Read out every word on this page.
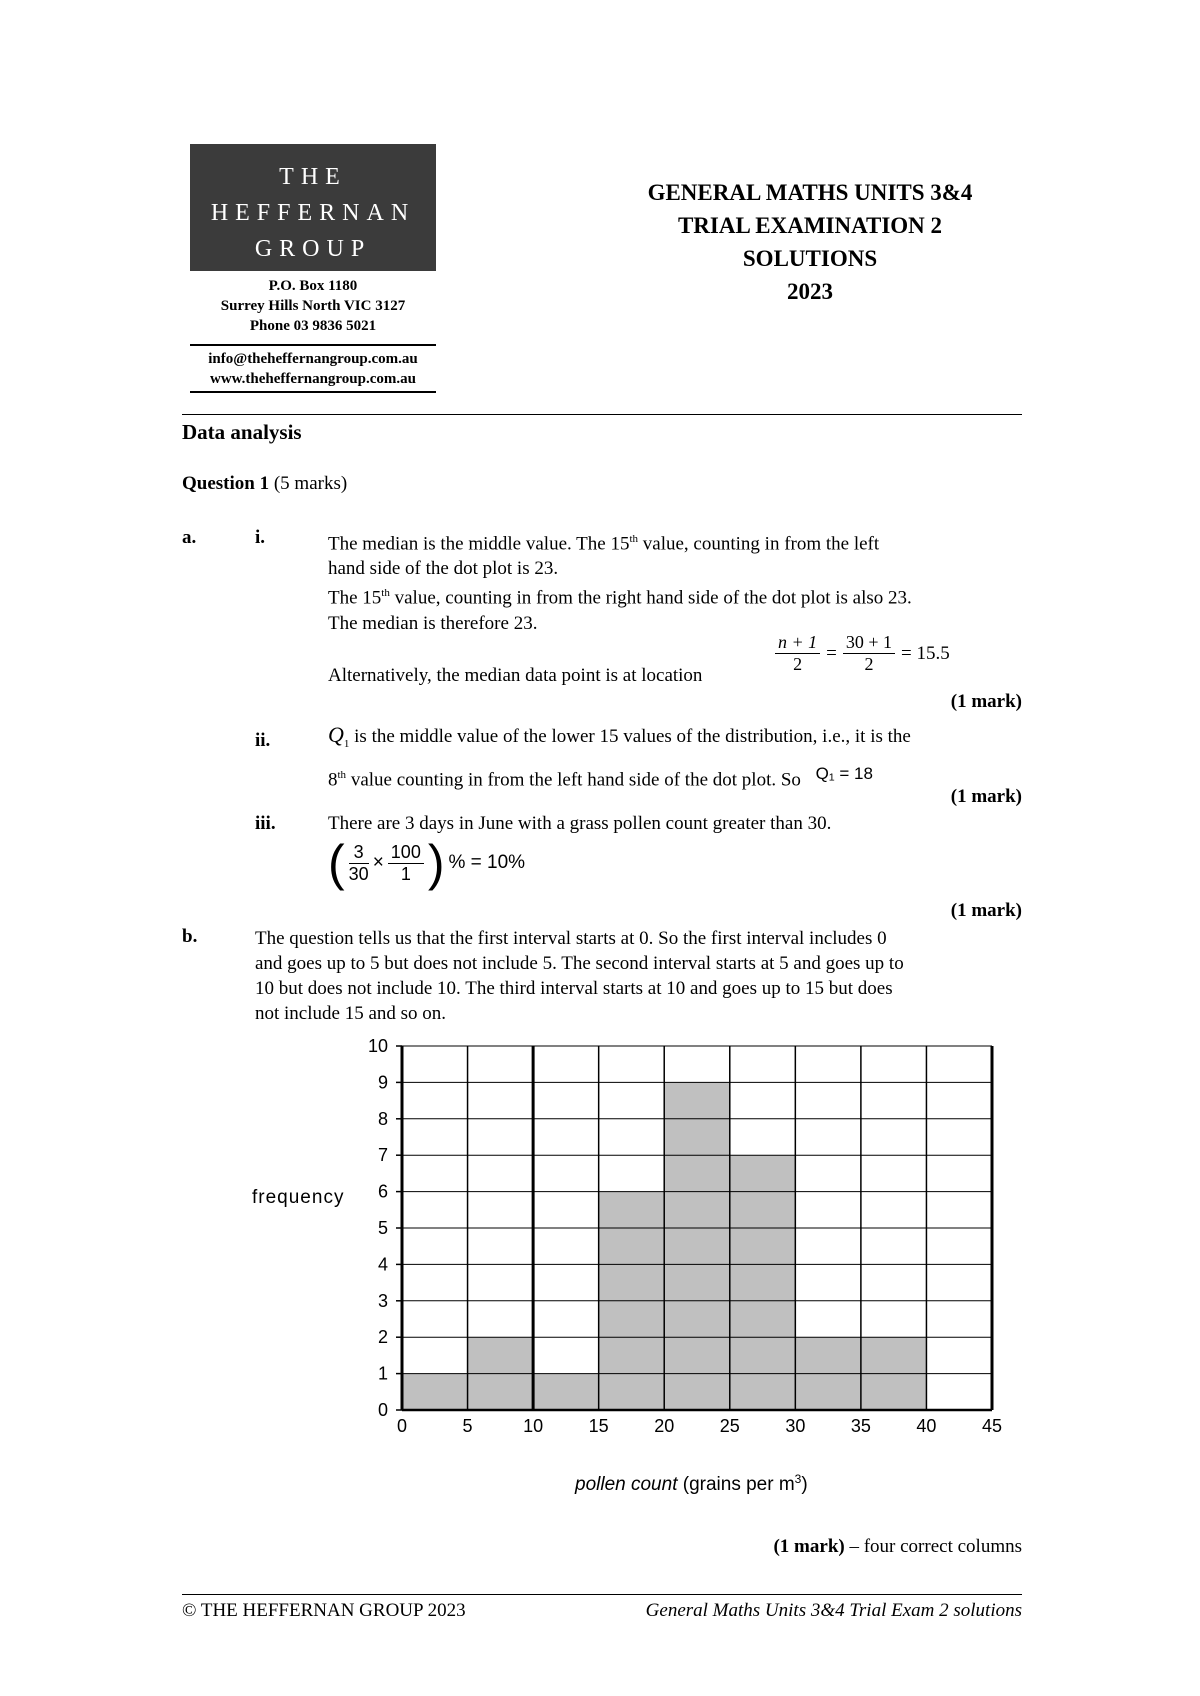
THE
HEFFERNAN
GROUP
P.O. Box 1180
Surrey Hills North VIC 3127
Phone 03 9836 5021
info@theheffernangroup.com.au
www.theheffernangroup.com.au
GENERAL MATHS UNITS 3&4
TRIAL EXAMINATION 2
SOLUTIONS
2023
Data analysis
Question 1 (5 marks)
a.	i.	The median is the middle value. The 15th value, counting in from the left
hand side of the dot plot is 23.
The 15th value, counting in from the right hand side of the dot plot is also 23.
The median is therefore 23.
Alternatively, the median data point is at location
$\frac{n + 1}{2} = \frac{30 + 1}{2} = 15.5$
(1 mark)
ii.	$Q_1$ is the middle value of the lower 15 values of the distribution, i.e., it is the
8th value counting in from the left hand side of the dot plot. So Q₁ = 18
(1 mark)
iii.	There are 3 days in June with a grass pollen count greater than 30.
( $\frac{3}{30} \times \frac{100}{1}$ ) % = 10%
(1 mark)
b.	The question tells us that the first interval starts at 0. So the first interval includes 0
and goes up to 5 but does not include 5. The second interval starts at 5 and goes up to
10 but does not include 10. The third interval starts at 10 and goes up to 15 but does
not include 15 and so on.
0
1
2
3
4
5
6
7
8
9
10
0	5	10	15	20	25	30	35	40	45
frequency
pollen count (grains per $m^3$)
(1 mark) – four correct columns
© THE HEFFERNAN GROUP 2023	General Maths Units 3&4 Trial Exam 2 solutions
